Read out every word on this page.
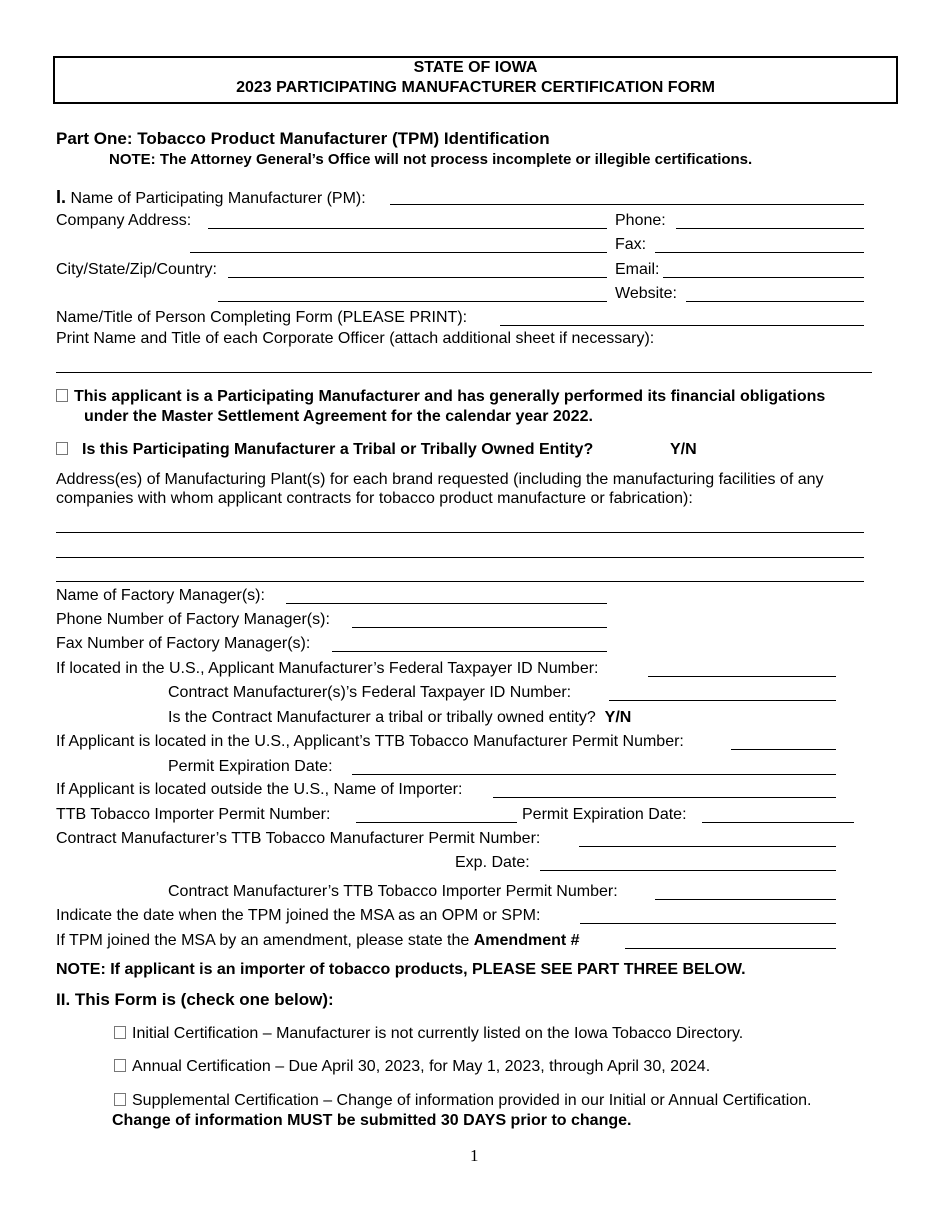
STATE OF IOWA
2023 PARTICIPATING MANUFACTURER CERTIFICATION FORM
Part One: Tobacco Product Manufacturer (TPM) Identification
NOTE: The Attorney General’s Office will not process incomplete or illegible certifications.
I. Name of Participating Manufacturer (PM):
Company Address:	Phone:
Fax:
City/State/Zip/Country:	Email:
Website:
Name/Title of Person Completing Form (PLEASE PRINT):
Print Name and Title of each Corporate Officer (attach additional sheet if necessary):
This applicant is a Participating Manufacturer and has generally performed its financial obligations
under the Master Settlement Agreement for the calendar year 2022.
Is this Participating Manufacturer a Tribal or Tribally Owned Entity?	Y/N
Address(es) of Manufacturing Plant(s) for each brand requested (including the manufacturing facilities of any
companies with whom applicant contracts for tobacco product manufacture or fabrication):
Name of Factory Manager(s):
Phone Number of Factory Manager(s):
Fax Number of Factory Manager(s):
If located in the U.S., Applicant Manufacturer’s Federal Taxpayer ID Number:
Contract Manufacturer(s)’s Federal Taxpayer ID Number:
Is the Contract Manufacturer a tribal or tribally owned entity? Y/N
If Applicant is located in the U.S., Applicant’s TTB Tobacco Manufacturer Permit Number:
Permit Expiration Date:
If Applicant is located outside the U.S., Name of Importer:
TTB Tobacco Importer Permit Number:	Permit Expiration Date:
Contract Manufacturer’s TTB Tobacco Manufacturer Permit Number:
Exp. Date:
Contract Manufacturer’s TTB Tobacco Importer Permit Number:
Indicate the date when the TPM joined the MSA as an OPM or SPM:
If TPM joined the MSA by an amendment, please state the Amendment #
NOTE: If applicant is an importer of tobacco products, PLEASE SEE PART THREE BELOW.
II. This Form is (check one below):
Initial Certification – Manufacturer is not currently listed on the Iowa Tobacco Directory.
Annual Certification – Due April 30, 2023, for May 1, 2023, through April 30, 2024.
Supplemental Certification – Change of information provided in our Initial or Annual Certification.
Change of information MUST be submitted 30 DAYS prior to change.
1
